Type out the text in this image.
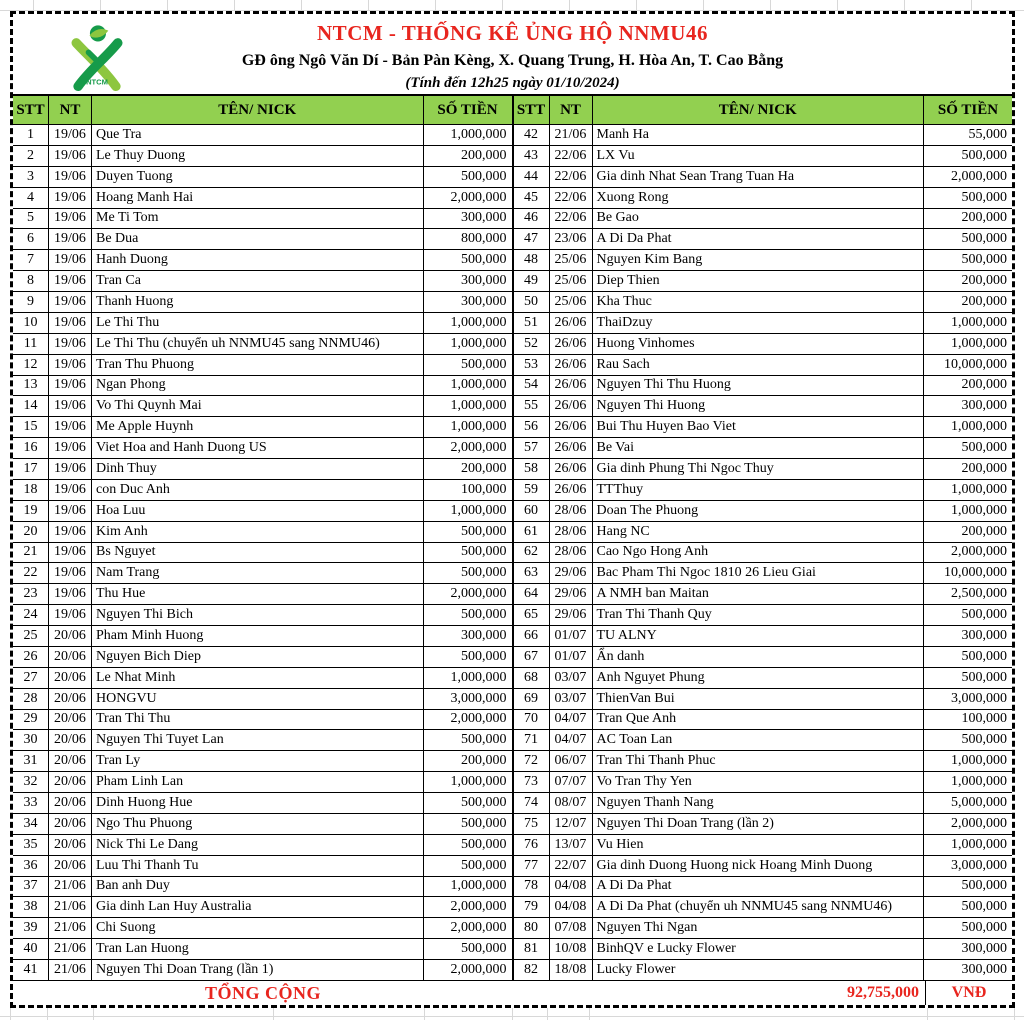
NTCM
NTCM - THỐNG KÊ ỦNG HỘ NNMU46
GĐ ông Ngô Văn Dí - Bản Pàn Kèng, X. Quang Trung, H. Hòa An, T. Cao Bằng
(Tính đến 12h25 ngày 01/10/2024)
STT NT	TÊN/ NICK	SỐ TIỀN
1	19/06 Que Tra	1,000,000
2	19/06 Le Thuy Duong	200,000
3	19/06 Duyen Tuong	500,000
4	19/06 Hoang Manh Hai	2,000,000
5	19/06 Me Ti Tom	300,000
6	19/06 Be Dua	800,000
7	19/06 Hanh Duong	500,000
8	19/06 Tran Ca	300,000
9	19/06 Thanh Huong	300,000
10	19/06 Le Thi Thu	1,000,000
11	19/06 Le Thi Thu (chuyển uh NNMU45 sang NNMU46)	1,000,000
12	19/06 Tran Thu Phuong	500,000
13	19/06 Ngan Phong	1,000,000
14	19/06 Vo Thi Quynh Mai	1,000,000
15	19/06 Me Apple Huynh	1,000,000
16	19/06 Viet Hoa and Hanh Duong US	2,000,000
17	19/06 Dinh Thuy	200,000
18	19/06 con Duc Anh	100,000
19	19/06 Hoa Luu	1,000,000
20	19/06 Kim Anh	500,000
21	19/06 Bs Nguyet	500,000
22	19/06 Nam Trang	500,000
23	19/06 Thu Hue	2,000,000
24	19/06 Nguyen Thi Bich	500,000
25	20/06 Pham Minh Huong	300,000
26	20/06 Nguyen Bich Diep	500,000
27	20/06 Le Nhat Minh	1,000,000
28	20/06 HONGVU	3,000,000
29	20/06 Tran Thi Thu	2,000,000
30	20/06 Nguyen Thi Tuyet Lan	500,000
31	20/06 Tran Ly	200,000
32	20/06 Pham Linh Lan	1,000,000
33	20/06 Dinh Huong Hue	500,000
34	20/06 Ngo Thu Phuong	500,000
35	20/06 Nick Thi Le Dang	500,000
36	20/06 Luu Thi Thanh Tu	500,000
37	21/06 Ban anh Duy	1,000,000
38	21/06 Gia dinh Lan Huy Australia	2,000,000
39	21/06 Chi Suong	2,000,000
40	21/06 Tran Lan Huong	500,000
41	21/06 Nguyen Thi Doan Trang (lần 1)	2,000,000
STT NT	TÊN/ NICK	SỐ TIỀN
42	21/06 Manh Ha	55,000
43	22/06 LX Vu	500,000
44	22/06 Gia dinh Nhat Sean Trang Tuan Ha	2,000,000
45	22/06 Xuong Rong	500,000
46	22/06 Be Gao	200,000
47	23/06 A Di Da Phat	500,000
48	25/06 Nguyen Kim Bang	500,000
49	25/06 Diep Thien	200,000
50	25/06 Kha Thuc	200,000
51	26/06 ThaiDzuy	1,000,000
52	26/06 Huong Vinhomes	1,000,000
53	26/06 Rau Sach	10,000,000
54	26/06 Nguyen Thi Thu Huong	200,000
55	26/06 Nguyen Thi Huong	300,000
56	26/06 Bui Thu Huyen Bao Viet	1,000,000
57	26/06 Be Vai	500,000
58	26/06 Gia dinh Phung Thi Ngoc Thuy	200,000
59	26/06 TTThuy	1,000,000
60	28/06 Doan The Phuong	1,000,000
61	28/06 Hang NC	200,000
62	28/06 Cao Ngo Hong Anh	2,000,000
63	29/06 Bac Pham Thi Ngoc 1810 26 Lieu Giai	10,000,000
64	29/06 A NMH ban Maitan	2,500,000
65	29/06 Tran Thi Thanh Quy	500,000
66	01/07 TU ALNY	300,000
67	01/07 Ẩn danh	500,000
68	03/07 Anh Nguyet Phung	500,000
69	03/07 ThienVan Bui	3,000,000
70	04/07 Tran Que Anh	100,000
71	04/07 AC Toan Lan	500,000
72	06/07 Tran Thi Thanh Phuc	1,000,000
73	07/07 Vo Tran Thy Yen	1,000,000
74	08/07 Nguyen Thanh Nang	5,000,000
75	12/07 Nguyen Thi Doan Trang (lần 2)	2,000,000
76	13/07 Vu Hien	1,000,000
77	22/07 Gia dinh Duong Huong nick Hoang Minh Duong	3,000,000
78	04/08 A Di Da Phat	500,000
79	04/08 A Di Da Phat (chuyển uh NNMU45 sang NNMU46)	500,000
80	07/08 Nguyen Thi Ngan	500,000
81	10/08 BinhQV e Lucky Flower	300,000
82	18/08 Lucky Flower	300,000
TỔNG CỘNG	92,755,000	VNĐ
